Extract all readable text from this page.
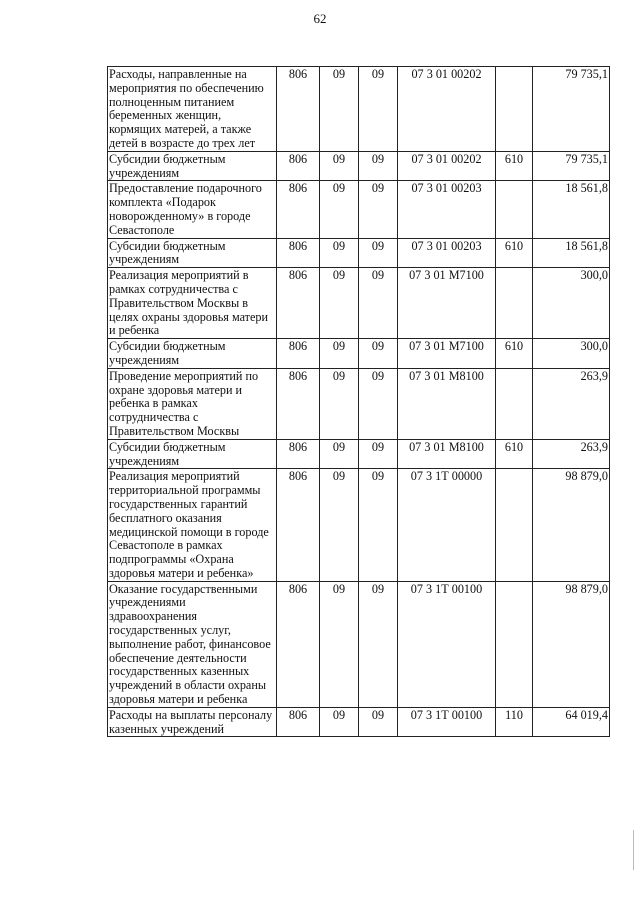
62
Расходы, направленные на мероприятия по обеспечению полноценным питанием беременных женщин, кормящих матерей, а также детей в возрасте до трех лет	806	09	09	07 3 01 00202		79 735,1
Субсидии бюджетным учреждениям	806	09	09	07 3 01 00202	610	79 735,1
Предоставление подарочного комплекта «Подарок новорожденному» в городе Севастополе	806	09	09	07 3 01 00203		18 561,8
Субсидии бюджетным учреждениям	806	09	09	07 3 01 00203	610	18 561,8
Реализация мероприятий в рамках сотрудничества с Правительством Москвы в целях охраны здоровья матери и ребенка	806	09	09	07 3 01 М7100		300,0
Субсидии бюджетным учреждениям	806	09	09	07 3 01 М7100	610	300,0
Проведение мероприятий по охране здоровья матери и ребенка в рамках сотрудничества с Правительством Москвы	806	09	09	07 3 01 М8100		263,9
Субсидии бюджетным учреждениям	806	09	09	07 3 01 М8100	610	263,9
Реализация мероприятий территориальной программы государственных гарантий бесплатного оказания медицинской помощи в городе Севастополе в рамках подпрограммы «Охрана здоровья матери и ребенка»	806	09	09	07 3 1Т 00000		98 879,0
Оказание государственными учреждениями здравоохранения государственных услуг, выполнение работ, финансовое обеспечение деятельности государственных казенных учреждений в области охраны здоровья матери и ребенка	806	09	09	07 3 1Т 00100		98 879,0
Расходы на выплаты персоналу казенных учреждений	806	09	09	07 3 1Т 00100	110	64 019,4
